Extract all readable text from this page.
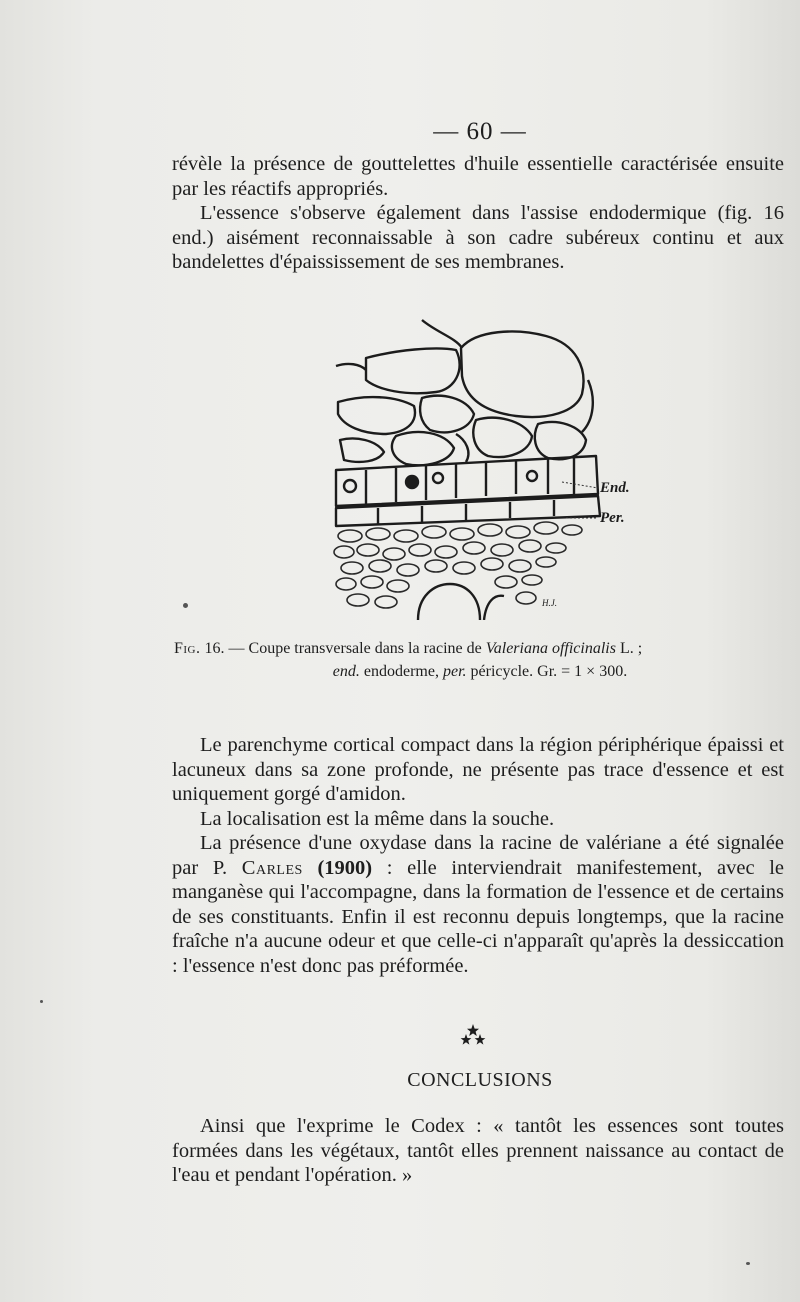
— 60 —

révèle la présence de gouttelettes d'huile essentielle caractérisée ensuite par les réactifs appropriés.

L'essence s'observe également dans l'assise endodermique (fig. 16 end.) aisément reconnaissable à son cadre subéreux continu et aux bandelettes d'épaississement de ses membranes.

End.
Per.
H.J.
Fig. 16. — Coupe transversale dans la racine de Valeriana officinalis L. ;
end. endoderme, per. péricycle. Gr. = 1 × 300.

Le parenchyme cortical compact dans la région périphérique épaissi et lacuneux dans sa zone profonde, ne présente pas trace d'essence et est uniquement gorgé d'amidon.

La localisation est la même dans la souche.

La présence d'une oxydase dans la racine de valériane a été signalée par P. Carles (1900) : elle interviendrait manifestement, avec le manganèse qui l'accompagne, dans la formation de l'essence et de certains de ses constituants. Enfin il est reconnu depuis longtemps, que la racine fraîche n'a aucune odeur et que celle-ci n'apparaît qu'après la dessiccation : l'essence n'est donc pas préformée.

CONCLUSIONS

Ainsi que l'exprime le Codex : « tantôt les essences sont toutes formées dans les végétaux, tantôt elles prennent naissance au contact de l'eau et pendant l'opération. »
